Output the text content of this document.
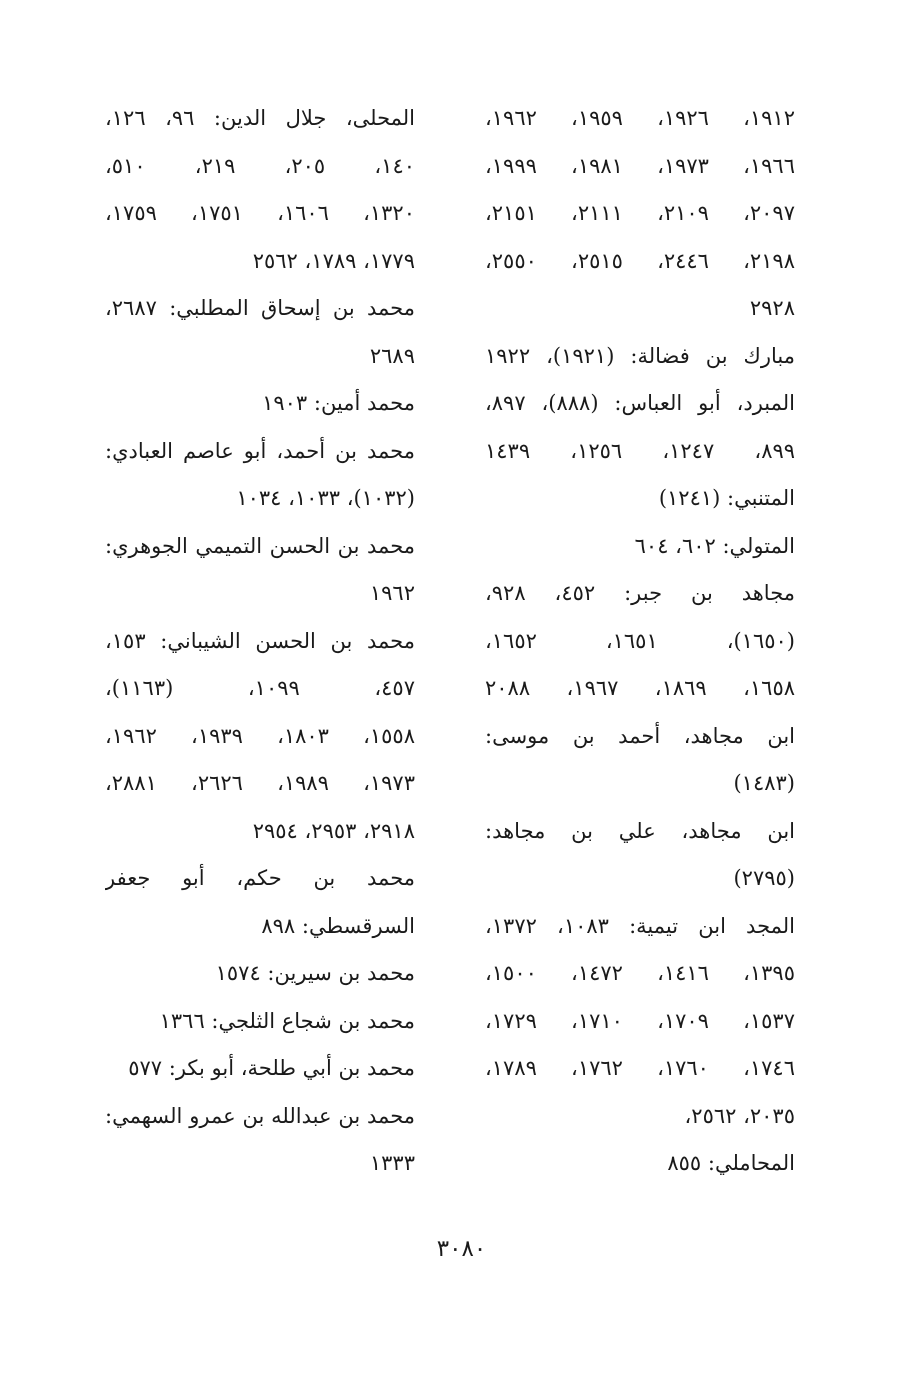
١٩١٢، ١٩٢٦، ١٩٥٩، ١٩٦٢،
١٩٦٦، ١٩٧٣، ١٩٨١، ١٩٩٩،
٢٠٩٧، ٢١٠٩، ٢١١١، ٢١٥١،
٢١٩٨، ٢٤٤٦، ٢٥١٥، ٢٥٥٠،
٢٩٢٨
مبارك بن فضالة: (١٩٢١)، ١٩٢٢
المبرد، أبو العباس: (٨٨٨)، ٨٩٧،
٨٩٩، ١٢٤٧، ١٢٥٦، ١٤٣٩
المتنبي: (١٢٤١)
المتولي: ٦٠٢، ٦٠٤
مجاهد بن جبر: ٤٥٢، ٩٢٨،
(١٦٥٠)، ١٦٥١، ١٦٥٢،
١٦٥٨، ١٨٦٩، ١٩٦٧، ٢٠٨٨
ابن مجاهد، أحمد بن موسى:
(١٤٨٣)
ابن مجاهد، علي بن مجاهد:
(٢٧٩٥)
المجد ابن تيمية: ١٠٨٣، ١٣٧٢،
١٣٩٥، ١٤١٦، ١٤٧٢، ١٥٠٠،
١٥٣٧، ١٧٠٩، ١٧١٠، ١٧٢٩،
١٧٤٦، ١٧٦٠، ١٧٦٢، ١٧٨٩،
٢٠٣٥، ٢٥٦٢،
المحاملي: ٨٥٥
المحلى، جلال الدين: ٩٦، ١٢٦،
١٤٠، ٢٠٥، ٢١٩، ٥١٠،
١٣٢٠، ١٦٠٦، ١٧٥١، ١٧٥٩،
١٧٧٩، ١٧٨٩، ٢٥٦٢
محمد بن إسحاق المطلبي: ٢٦٨٧،
٢٦٨٩
محمد أمين: ١٩٠٣
محمد بن أحمد، أبو عاصم العبادي:
(١٠٣٢)، ١٠٣٣، ١٠٣٤
محمد بن الحسن التميمي الجوهري:
١٩٦٢
محمد بن الحسن الشيباني: ١٥٣،
٤٥٧، ١٠٩٩، (١١٦٣)،
١٥٥٨، ١٨٠٣، ١٩٣٩، ١٩٦٢،
١٩٧٣، ١٩٨٩، ٢٦٢٦، ٢٨٨١،
٢٩١٨، ٢٩٥٣، ٢٩٥٤
محمد بن حكم، أبو جعفر
السرقسطي: ٨٩٨
محمد بن سيرين: ١٥٧٤
محمد بن شجاع الثلجي: ١٣٦٦
محمد بن أبي طلحة، أبو بكر: ٥٧٧
محمد بن عبدالله بن عمرو السهمي:
١٣٣٣
٣٠٨٠
